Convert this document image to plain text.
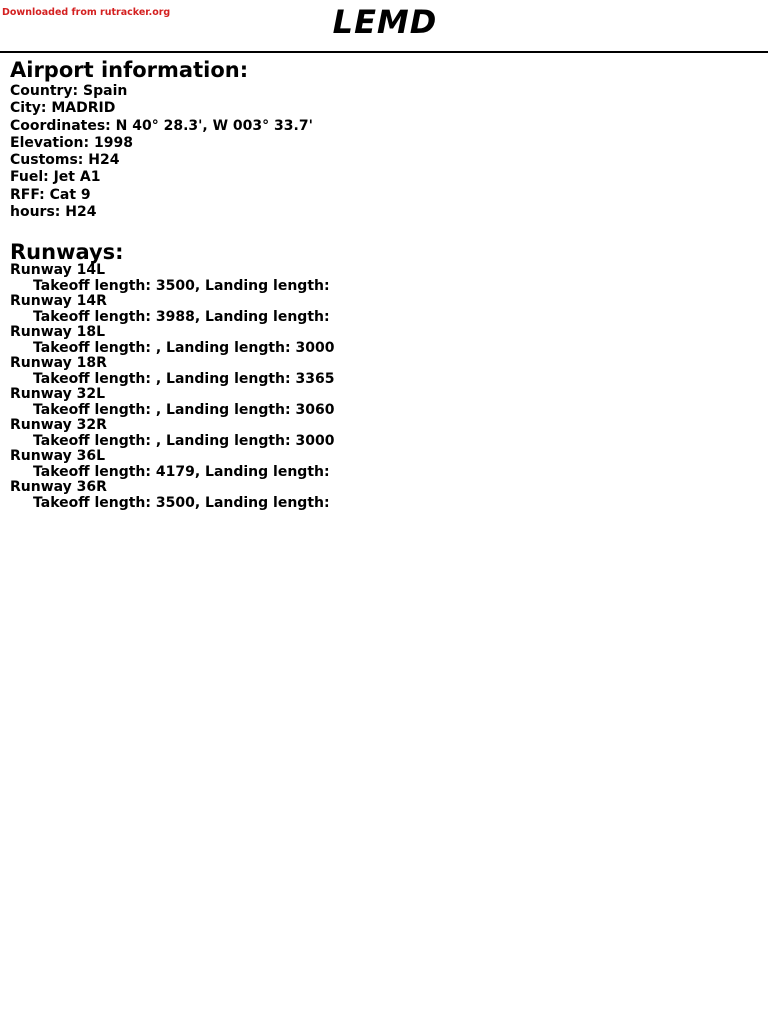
Downloaded from rutracker.org	LEMD
Airport information:
Country: Spain
City: MADRID
Coordinates: N 40° 28.3', W 003° 33.7'
Elevation: 1998
Customs: H24
Fuel: Jet A1
RFF: Cat 9
hours: H24
Runways:
Runway 14L
Takeoff length: 3500, Landing length:
Runway 14R
Takeoff length: 3988, Landing length:
Runway 18L
Takeoff length: , Landing length: 3000
Runway 18R
Takeoff length: , Landing length: 3365
Runway 32L
Takeoff length: , Landing length: 3060
Runway 32R
Takeoff length: , Landing length: 3000
Runway 36L
Takeoff length: 4179, Landing length:
Runway 36R
Takeoff length: 3500, Landing length:
